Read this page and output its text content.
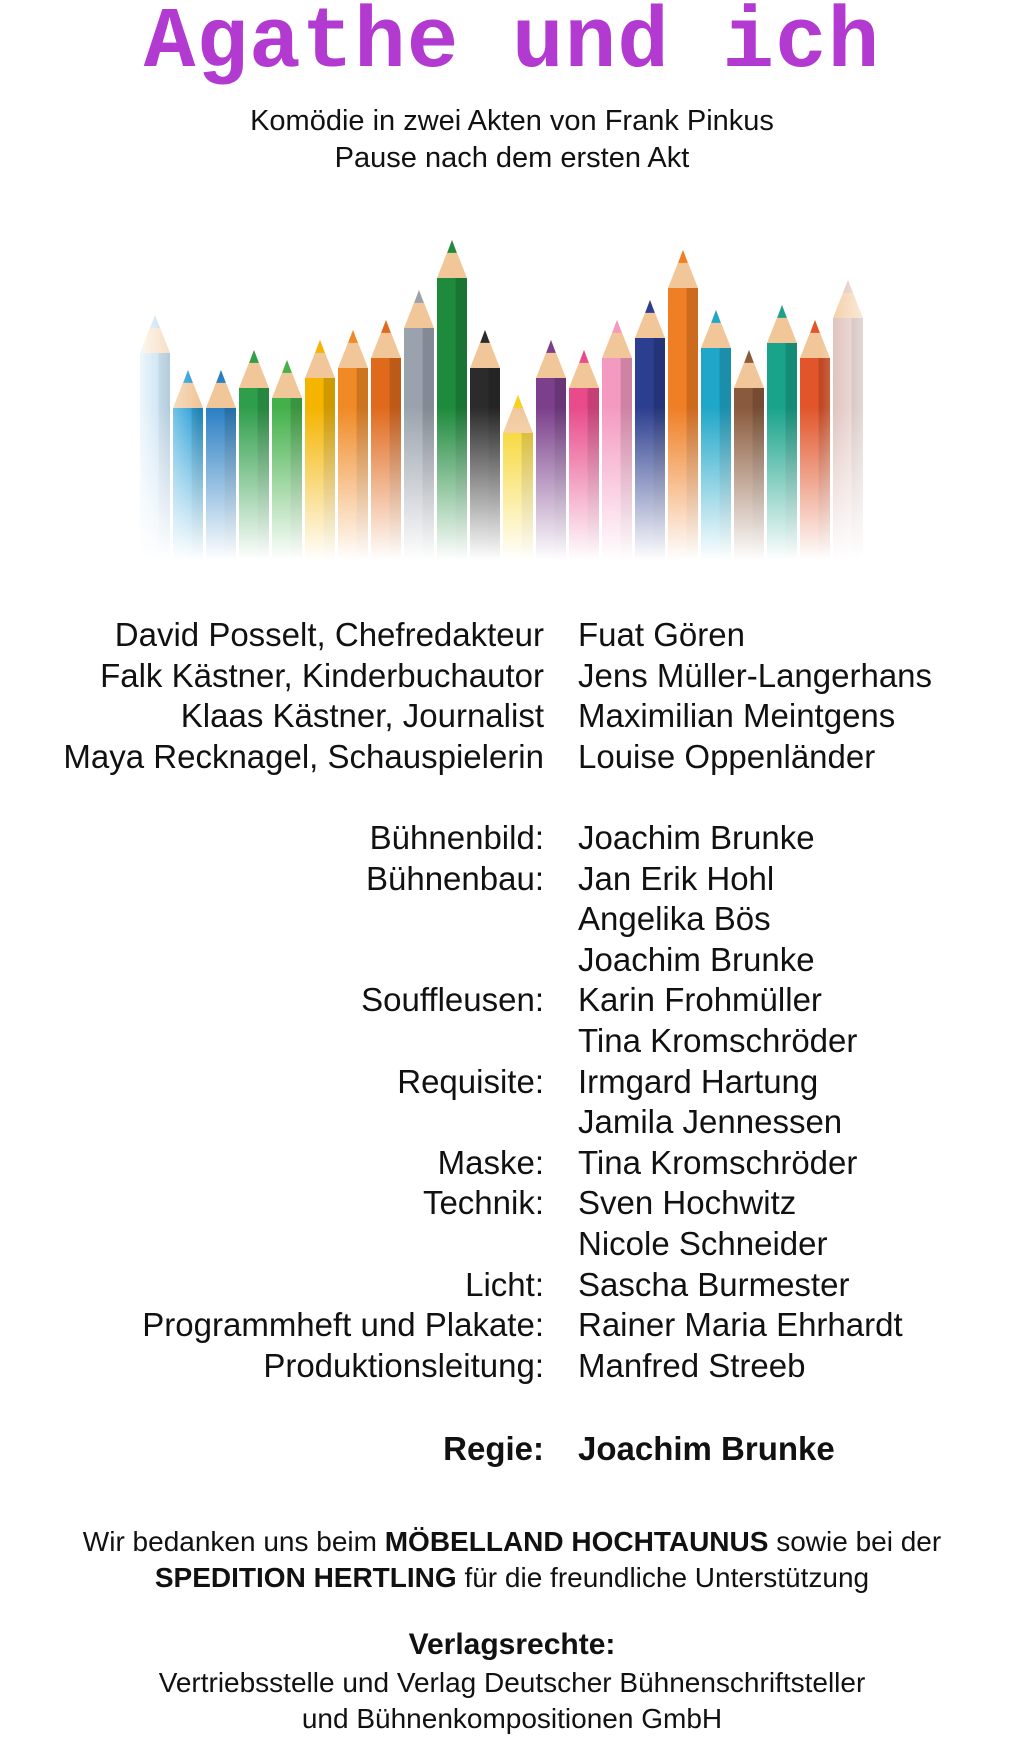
Agathe und ich
Komödie in zwei Akten von Frank Pinkus
Pause nach dem ersten Akt
David Posselt, Chefredakteur Fuat Gören
Falk Kästner, Kinderbuchautor Jens Müller-Langerhans
Klaas Kästner, Journalist Maximilian Meintgens
Maya Recknagel, Schauspielerin Louise Oppenländer
Bühnenbild: Joachim Brunke
Bühnenbau: Jan Erik Hohl
Angelika Bös
Joachim Brunke
Souffleusen: Karin Frohmüller
Tina Kromschröder
Requisite: Irmgard Hartung
Jamila Jennessen
Maske: Tina Kromschröder
Technik: Sven Hochwitz
Nicole Schneider
Licht: Sascha Burmester
Programmheft und Plakate: Rainer Maria Ehrhardt
Produktionsleitung: Manfred Streeb
Regie: Joachim Brunke
Wir bedanken uns beim MÖBELLAND HOCHTAUNUS sowie bei der
SPEDITION HERTLING für die freundliche Unterstützung
Verlagsrechte:
Vertriebsstelle und Verlag Deutscher Bühnenschriftsteller
und Bühnenkompositionen GmbH
